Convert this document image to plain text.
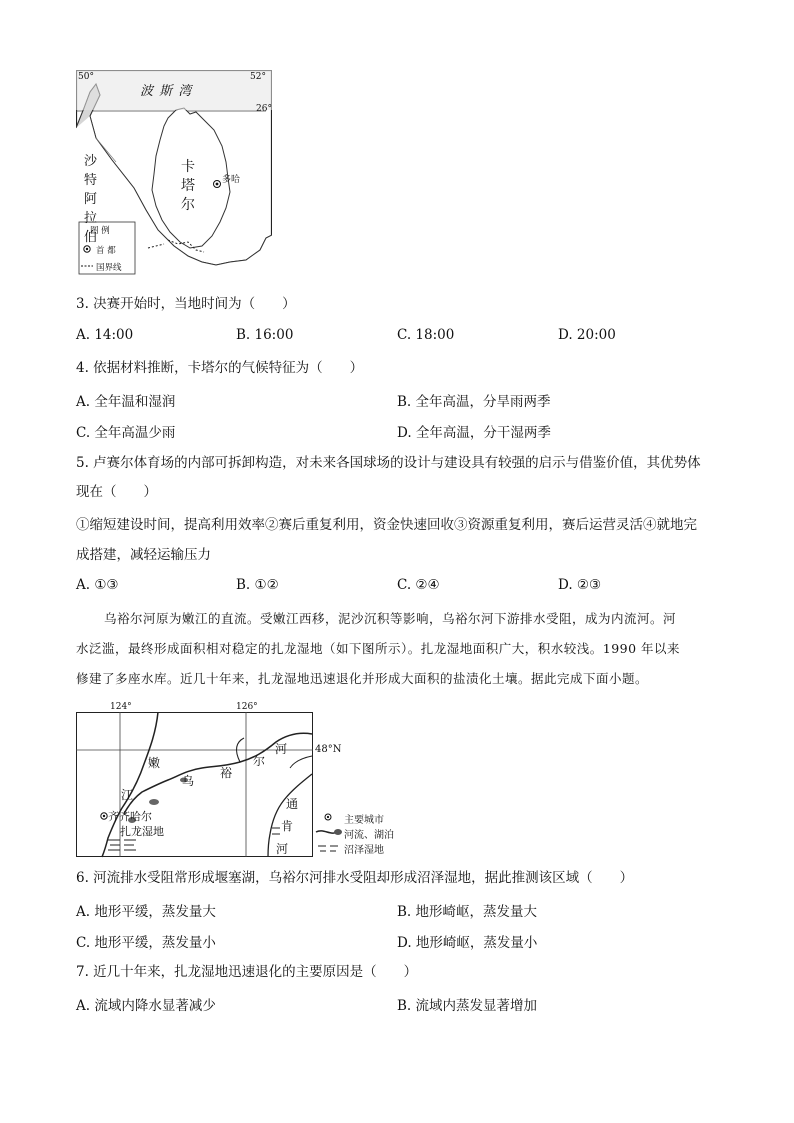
50°	52°
26°
波 斯 湾
沙
特
阿
拉
伯
卡
塔
尔
多哈
图 例
首 都
国界线
3. 决赛开始时，当地时间为（　　）
A. 14:00	B. 16:00	C. 18:00	D. 20:00
4. 依据材料推断，卡塔尔的气候特征为（　　）
A. 全年温和湿润	B. 全年高温，分旱雨两季
C. 全年高温少雨	D. 全年高温，分干湿两季
5. 卢赛尔体育场的内部可拆卸构造，对未来各国球场的设计与建设具有较强的启示与借鉴价值，其优势体
现在（　　）
①缩短建设时间，提高利用效率②赛后重复利用，资金快速回收③资源重复利用，赛后运营灵活④就地完
成搭建，减轻运输压力
A. ①③	B. ①②	C. ②④	D. ②③
乌裕尔河原为嫩江的直流。受嫩江西移，泥沙沉积等影响，乌裕尔河下游排水受阻，成为内流河。河
水泛滥，最终形成面积相对稳定的扎龙湿地（如下图所示）。扎龙湿地面积广大，积水较浅。1990 年以来
修建了多座水库。近几十年来，扎龙湿地迅速退化并形成大面积的盐渍化土壤。据此完成下面小题。
124°	126°
48°N
嫩
江
乌
裕
尔
河
通
肯
河
齐齐哈尔
扎龙湿地
主要城市
河流、湖泊
沼泽湿地
6. 河流排水受阻常形成堰塞湖，乌裕尔河排水受阻却形成沼泽湿地，据此推测该区域（　　）
A. 地形平缓，蒸发量大	B. 地形崎岖，蒸发量大
C. 地形平缓，蒸发量小	D. 地形崎岖，蒸发量小
7. 近几十年来，扎龙湿地迅速退化的主要原因是（　　）
A. 流域内降水显著减少	B. 流域内蒸发显著增加
